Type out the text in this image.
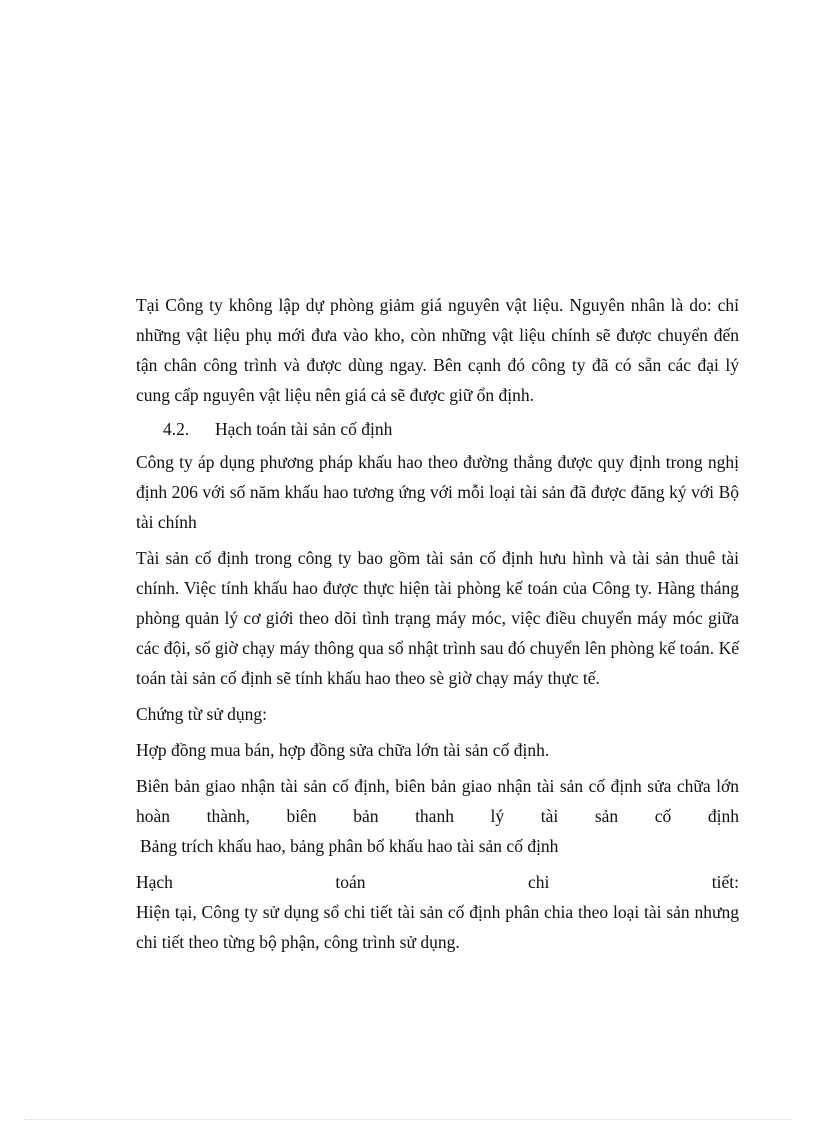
Tại Công ty không lập dự phòng giảm giá nguyên vật liệu. Nguyên nhân là do: chỉ những vật liệu phụ mới đưa vào kho, còn những vật liệu chính sẽ được chuyển đến tận chân công trình và được dùng ngay. Bên cạnh đó công ty đã có sẵn các đại lý cung cấp nguyên vật liệu nên giá cả sẽ được giữ ổn định.

4.2.	Hạch toán tài sản cố định

Công ty áp dụng phương pháp khấu hao theo đường thẳng được quy định trong nghị định 206 với số năm khấu hao tương ứng với mỗi loại tài sản đã được đăng ký với Bộ tài chính

Tài sản cố định trong công ty bao gồm tài sản cố định hưu hình và tài sản thuê tài chính. Việc tính khấu hao được thực hiện tài phòng kế toán của Công ty. Hàng tháng phòng quản lý cơ giới theo dõi tình trạng máy móc, việc điều chuyển máy móc giữa các đội, số giờ chạy máy thông qua sổ nhật trình sau đó chuyển lên phòng kế toán. Kế toán tài sản cố định sẽ tính khấu hao theo sè giờ chạy máy thực tế.

Chứng từ sử dụng:

Hợp đồng mua bán, hợp đồng sửa chữa lớn tài sản cố định.

Biên bản giao nhận tài sản cố định, biên bản giao nhận tài sản cố định sửa chữa lớn hoàn thành, biên bản thanh lý tài sản cố định

Bảng trích khấu hao, bảng phân bổ khấu hao tài sản cố định

Hạch toán chi tiết:

Hiện tại, Công ty sử dụng sổ chi tiết tài sản cố định phân chia theo loại tài sản nhưng chi tiết theo từng bộ phận, công trình sử dụng.
